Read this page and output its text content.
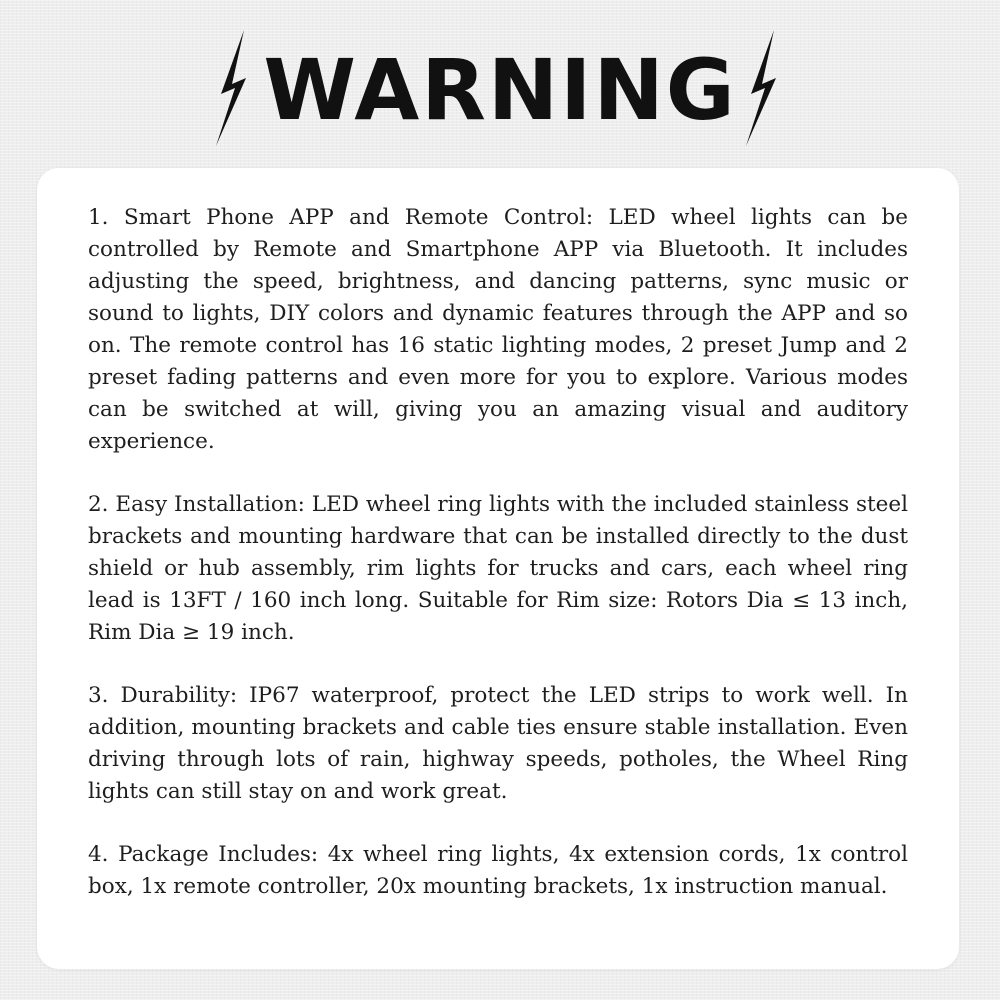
WARNING

1. Smart Phone APP and Remote Control: LED wheel lights can be controlled by Remote and Smartphone APP via Bluetooth. It includes adjusting the speed, brightness, and dancing patterns, sync music or sound to lights, DIY colors and dynamic features through the APP and so on. The remote control has 16 static lighting modes, 2 preset Jump and 2 preset fading patterns and even more for you to explore. Various modes can be switched at will, giving you an amazing visual and auditory experience.

2. Easy Installation: LED wheel ring lights with the included stainless steel brackets and mounting hardware that can be installed directly to the dust shield or hub assembly, rim lights for trucks and cars, each wheel ring lead is 13FT / 160 inch long. Suitable for Rim size: Rotors Dia ≤ 13 inch, Rim Dia ≥ 19 inch.

3. Durability: IP67 waterproof, protect the LED strips to work well. In addition, mounting brackets and cable ties ensure stable installation. Even driving through lots of rain, highway speeds, potholes, the Wheel Ring lights can still stay on and work great.

4. Package Includes: 4x wheel ring lights, 4x extension cords, 1x control box, 1x remote controller, 20x mounting brackets, 1x instruction manual.
